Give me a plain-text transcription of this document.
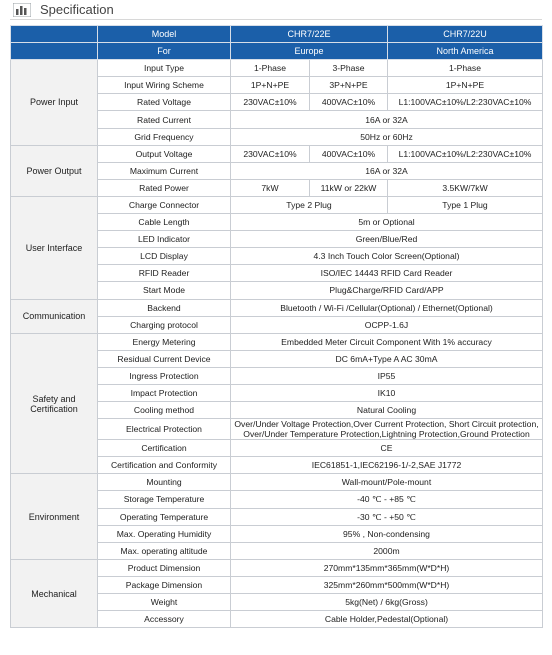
Specification
	Model	CHR7/22E		CHR7/22U
	For	Europe		North America
Power Input	Input Type	1-Phase	3-Phase	1-Phase
	Input Wiring Scheme	1P+N+PE	3P+N+PE	1P+N+PE
	Rated Voltage	230VAC±10%	400VAC±10%	L1:100VAC±10%/L2:230VAC±10%
	Rated Current	16A or 32A		
	Grid Frequency	50Hz or 60Hz		
Power Output	Output Voltage	230VAC±10%	400VAC±10%	L1:100VAC±10%/L2:230VAC±10%
	Maximum Current	16A or 32A		
	Rated Power	7kW	11kW or 22kW	3.5KW/7kW
User Interface	Charge Connector	Type 2 Plug		Type 1 Plug
	Cable Length	5m or Optional		
	LED Indicator	Green/Blue/Red		
	LCD Display	4.3 Inch Touch Color Screen(Optional)		
	RFID Reader	ISO/IEC 14443 RFID Card Reader		
	Start Mode	Plug&Charge/RFID Card/APP		
Communication	Backend	Bluetooth / Wi-Fi /Cellular(Optional) / Ethernet(Optional)		
	Charging protocol	OCPP-1.6J		
Safety and Certification	Energy Metering	Embedded Meter Circuit Component With 1% accuracy		
	Residual Current Device	DC 6mA+Type A AC 30mA		
	Ingress Protection	IP55		
	Impact Protection	IK10		
	Cooling method	Natural Cooling		
	Electrical Protection	Over/Under Voltage Protection,Over Current Protection, Short Circuit protection,
Over/Under Temperature Protection,Lightning Protection,Ground Protection		

	Certification	CE		
	Certification and Conformity	IEC61851-1,IEC62196-1/-2,SAE J1772		
Environment	Mounting	Wall-mount/Pole-mount		
	Storage Temperature	-40 ℃ - +85 ℃		
	Operating Temperature	-30 ℃ - +50 ℃		
	Max. Operating Humidity	95% , Non-condensing		
	Max. operating altitude	2000m		
Mechanical	Product Dimension	270mm*135mm*365mm(W*D*H)		
	Package Dimension	325mm*260mm*500mm(W*D*H)		
	Weight	5kg(Net) / 6kg(Gross)		
	Accessory	Cable Holder,Pedestal(Optional)		
